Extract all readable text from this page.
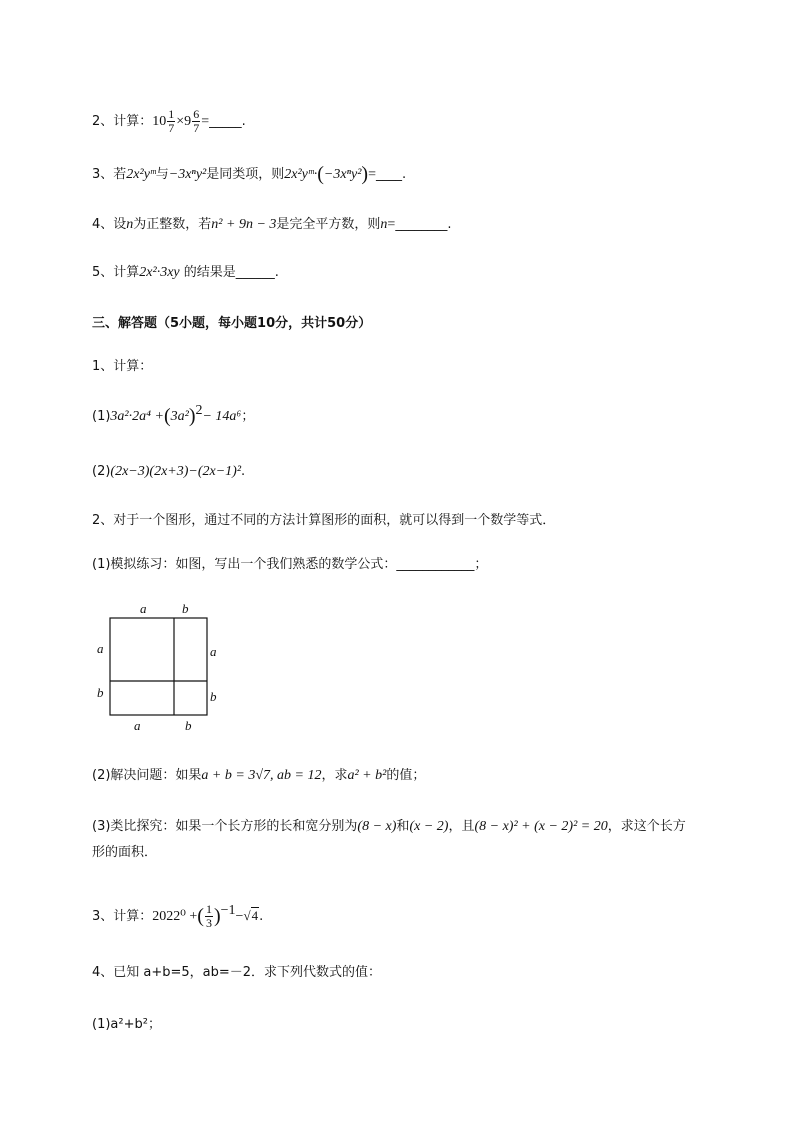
2、计算：$10 \frac{1}{7} \times 9 \frac{6}{7}$ =_____.
3、若2x²yᵐ与−3xⁿy²是同类项，则2x²yᵐ·(−3xⁿy²)=____.
4、设n为正整数，若n² + 9n − 3是完全平方数，则n=________.
5、计算2x²·3xy 的结果是______.
三、解答题（5小题，每小题10分，共计50分）
1、计算：
$(1)3a^2\cdot 2a^4 +(3a^2)^2- 14a^6$；
(2)(2x−3)(2x+3)−(2x−1)².
2、对于一个图形，通过不同的方法计算图形的面积，就可以得到一个数学等式．
(1)模拟练习：如图，写出一个我们熟悉的数学公式：____________；
a	b
a
b
a
b
a	b
(2)解决问题：如果a + b = 3√7, ab = 12，求a² + b²的值；
(3)类比探究：如果一个长方形的长和宽分别为(8 − x)和(x − 2)，且(8 − x)² + (x − 2)² = 20，求这个长方
形的面积．
3、计算：2022⁰ +( $\frac{1}{3} )^{-1}-√4$.
4、已知 a+b=5，ab=－2．求下列代数式的值：
(1)a²+b²；
